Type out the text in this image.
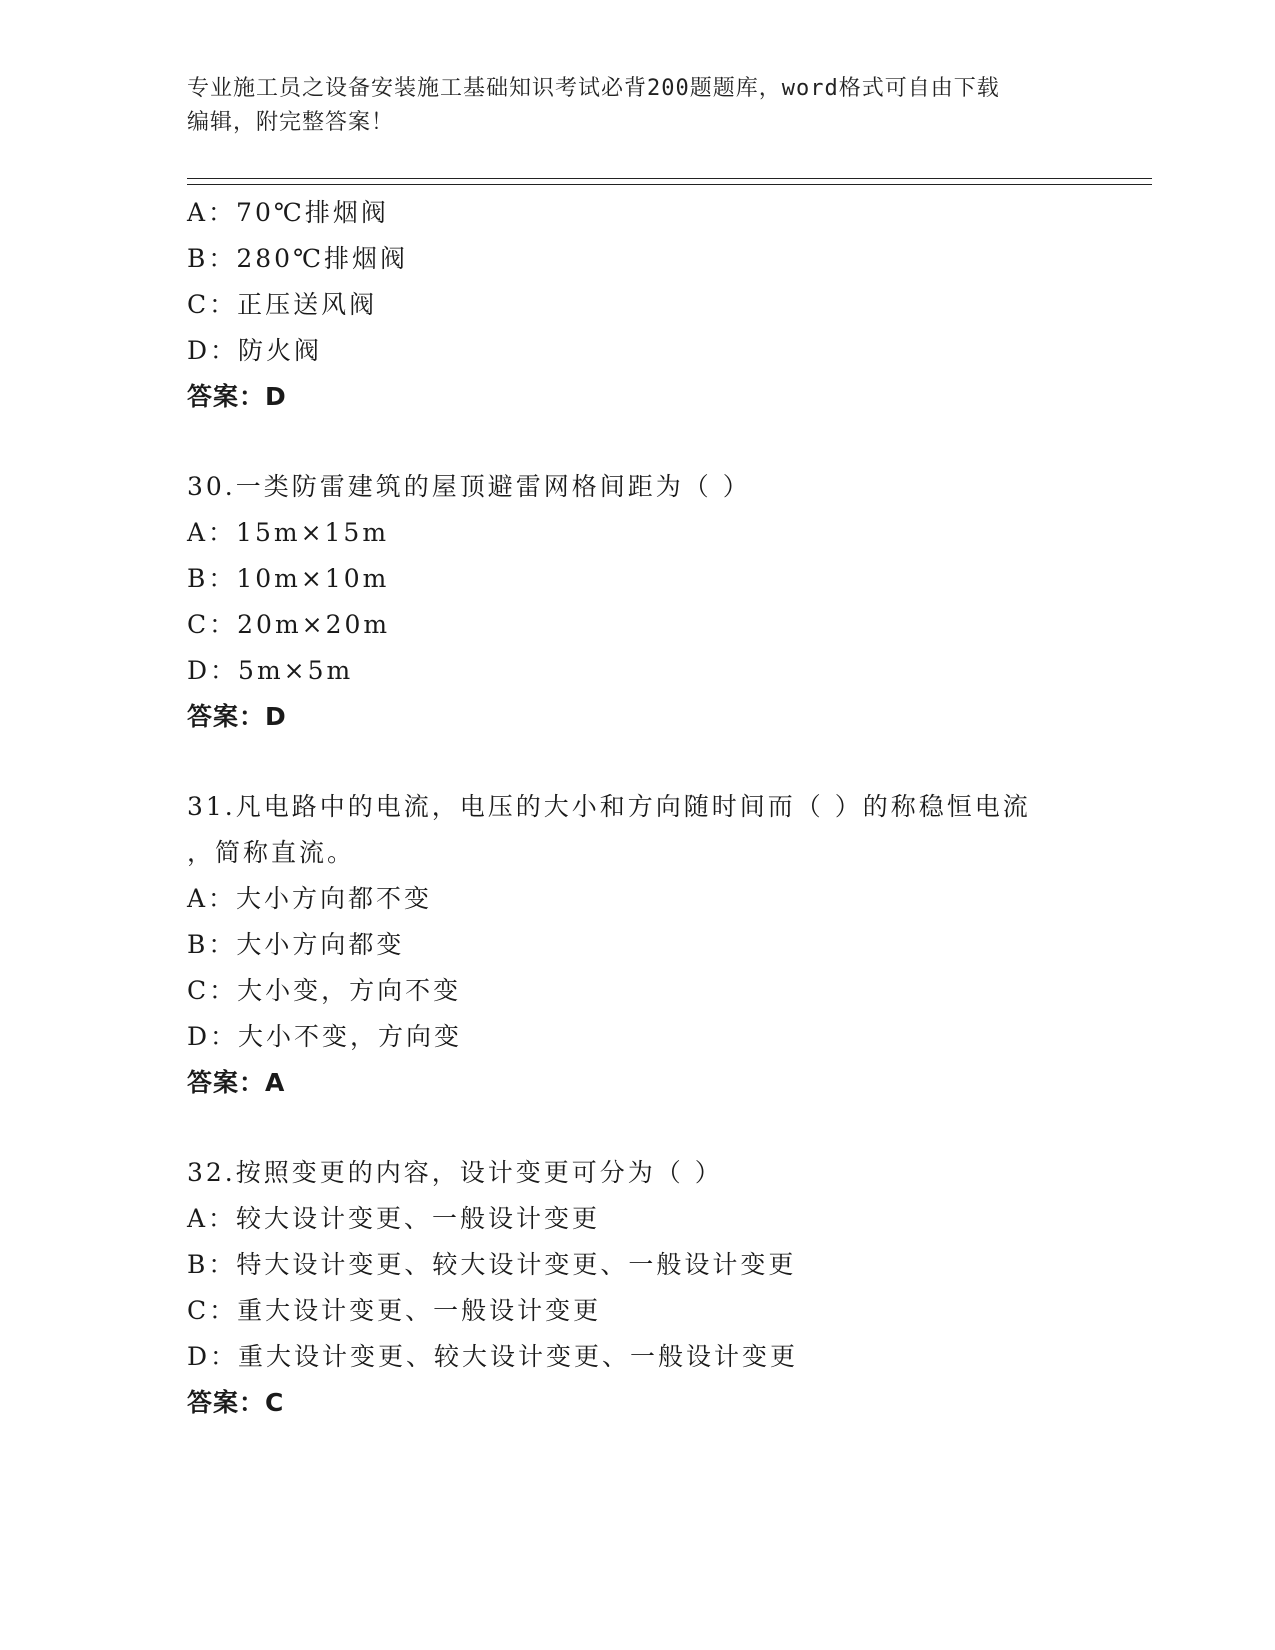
专业施工员之设备安装施工基础知识考试必背200题题库，word格式可自由下载
编辑，附完整答案！
A：70℃排烟阀
B：280℃排烟阀
C：正压送风阀
D：防火阀
答案：D
30.一类防雷建筑的屋顶避雷网格间距为（ ）
A：15m×15m
B：10m×10m
C：20m×20m
D：5m×5m
答案：D
31.凡电路中的电流，电压的大小和方向随时间而（ ）的称稳恒电流
，简称直流。
A：大小方向都不变
B：大小方向都变
C：大小变，方向不变
D：大小不变，方向变
答案：A
32.按照变更的内容，设计变更可分为（ ）
A：较大设计变更、一般设计变更
B：特大设计变更、较大设计变更、一般设计变更
C：重大设计变更、一般设计变更
D：重大设计变更、较大设计变更、一般设计变更
答案：C
